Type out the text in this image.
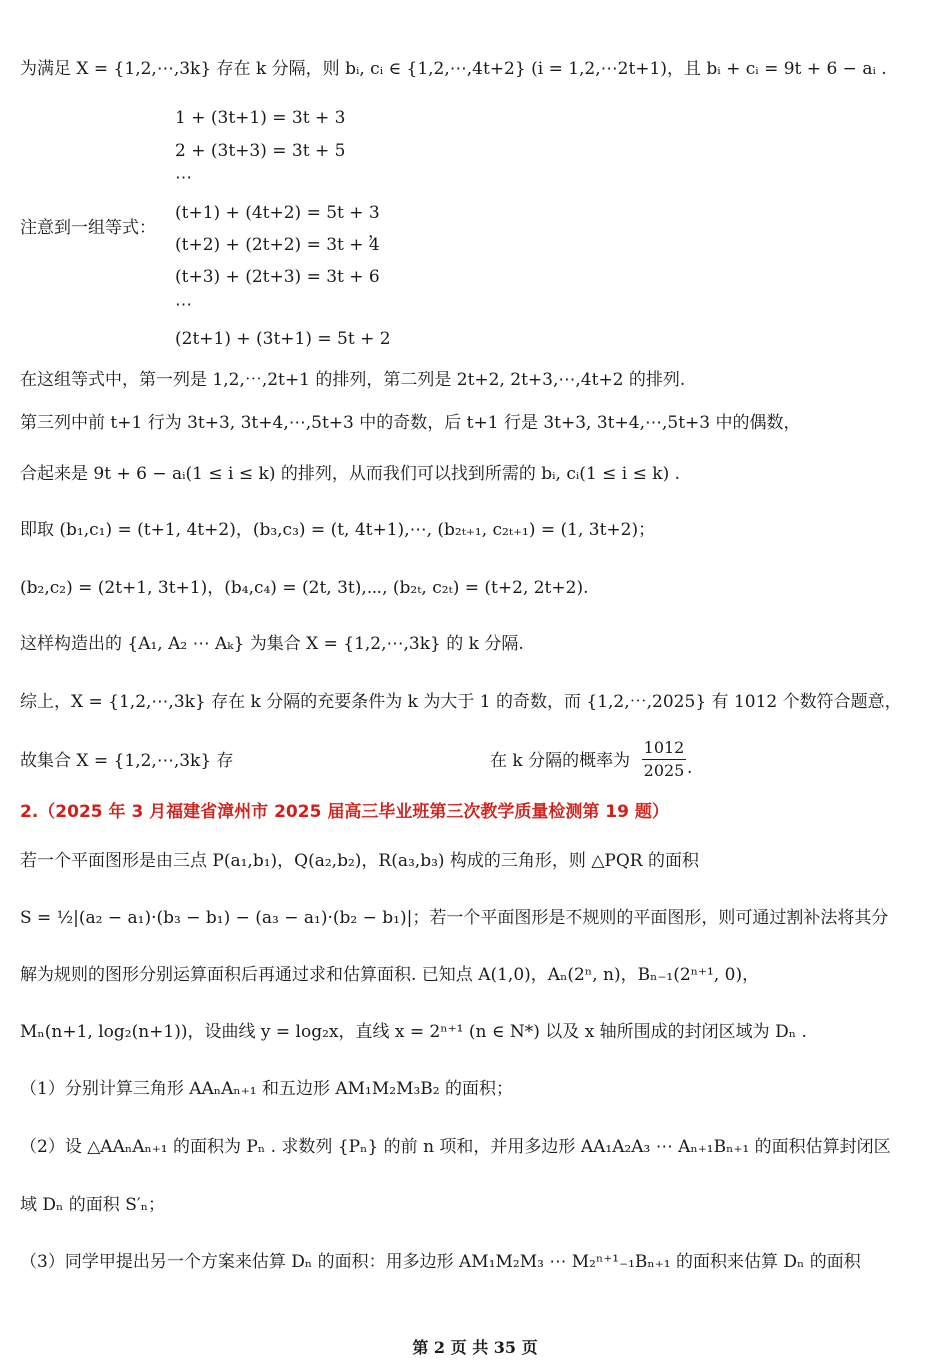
为满足 X = {1,2,⋯,3k} 存在 k 分隔，则 bᵢ, cᵢ ∈ {1,2,⋯,4t+2} (i = 1,2,⋯2t+1)，且 bᵢ + cᵢ = 9t + 6 − aᵢ .
1 + (3t+1) = 3t + 3
2 + (3t+3) = 3t + 5
⋯
注意到一组等式：
(t+1) + (4t+2) = 5t + 3
(t+2) + (2t+2) = 3t + 4
，
(t+3) + (2t+3) = 3t + 6
⋯
(2t+1) + (3t+1) = 5t + 2
在这组等式中，第一列是 1,2,⋯,2t+1 的排列，第二列是 2t+2, 2t+3,⋯,4t+2 的排列.
第三列中前 t+1 行为 3t+3, 3t+4,⋯,5t+3 中的奇数，后 t+1 行是 3t+3, 3t+4,⋯,5t+3 中的偶数，
合起来是 9t + 6 − aᵢ(1 ≤ i ≤ k) 的排列，从而我们可以找到所需的 bᵢ, cᵢ(1 ≤ i ≤ k) .
即取 (b₁,c₁) = (t+1, 4t+2)，(b₃,c₃) = (t, 4t+1),⋯, (b₂ₜ₊₁, c₂ₜ₊₁) = (1, 3t+2)；
(b₂,c₂) = (2t+1, 3t+1)，(b₄,c₄) = (2t, 3t),⋯, (b₂ₜ, c₂ₜ) = (t+2, 2t+2).
这样构造出的 {A₁, A₂ ⋯ Aₖ} 为集合 X = {1,2,⋯,3k} 的 k 分隔.
综上，X = {1,2,⋯,3k} 存在 k 分隔的充要条件为 k 为大于 1 的奇数，而 {1,2,⋯,2025} 有 1012 个数符合题意，
故集合 X = {1,2,⋯,3k} 存	在 k 分隔的概率为
1012
2025 .
2.（2025 年 3 月福建省漳州市 2025 届高三毕业班第三次教学质量检测第 19 题）
若一个平面图形是由三点 P(a₁,b₁)，Q(a₂,b₂)，R(a₃,b₃) 构成的三角形，则 △PQR 的面积
S = ½|(a₂ − a₁)·(b₃ − b₁) − (a₃ − a₁)·(b₂ − b₁)|；若一个平面图形是不规则的平面图形，则可通过割补法将其分
解为规则的图形分别运算面积后再通过求和估算面积. 已知点 A(1,0)，Aₙ(2ⁿ, n)，Bₙ₋₁(2ⁿ⁺¹, 0)，
Mₙ(n+1, log₂(n+1))，设曲线 y = log₂x，直线 x = 2ⁿ⁺¹ (n ∈ N*) 以及 x 轴所围成的封闭区域为 Dₙ .
（1）分别计算三角形 AAₙAₙ₊₁ 和五边形 AM₁M₂M₃B₂ 的面积；
（2）设 △AAₙAₙ₊₁ 的面积为 Pₙ . 求数列 {Pₙ} 的前 n 项和，并用多边形 AA₁A₂A₃ ⋯ Aₙ₊₁Bₙ₊₁ 的面积估算封闭区
域 Dₙ 的面积 S′ₙ；
（3）同学甲提出另一个方案来估算 Dₙ 的面积：用多边形 AM₁M₂M₃ ⋯ M₂ⁿ⁺¹₋₁Bₙ₊₁ 的面积来估算 Dₙ 的面积
第 2 页 共 35 页
